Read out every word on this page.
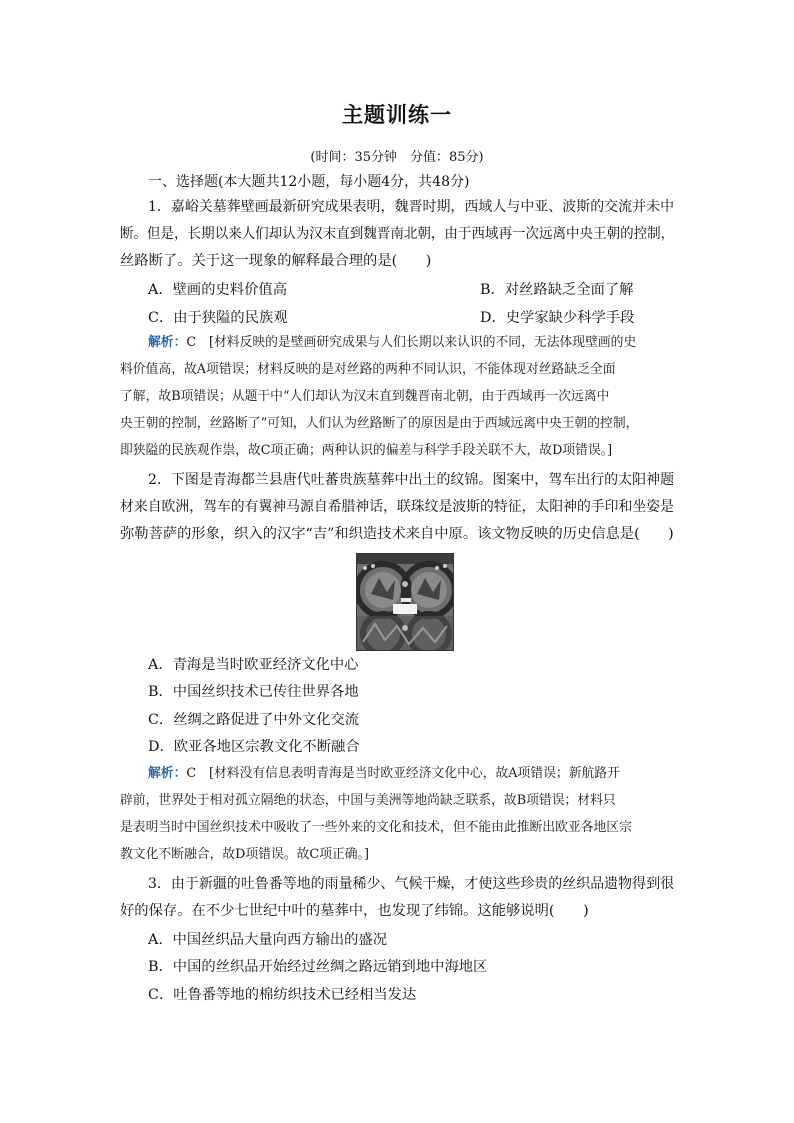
主题训练一
(时间：35分钟　分值：85分)
一、选择题(本大题共12小题，每小题4分，共48分)
1．嘉峪关墓葬壁画最新研究成果表明，魏晋时期，西域人与中亚、波斯的交流并未中
断。但是，长期以来人们却认为汉末直到魏晋南北朝，由于西域再一次远离中央王朝的控制，
丝路断了。关于这一现象的解释最合理的是(　　)
A．壁画的史料价值高	B．对丝路缺乏全面了解
C．由于狭隘的民族观	D．史学家缺少科学手段
解析：C　[材料反映的是壁画研究成果与人们长期以来认识的不同，无法体现壁画的史
料价值高，故A项错误；材料反映的是对丝路的两种不同认识，不能体现对丝路缺乏全面
了解，故B项错误；从题干中“人们却认为汉末直到魏晋南北朝，由于西域再一次远离中
央王朝的控制，丝路断了”可知，人们认为丝路断了的原因是由于西域远离中央王朝的控制，
即狭隘的民族观作祟，故C项正确；两种认识的偏差与科学手段关联不大，故D项错误。]
2．下图是青海都兰县唐代吐蕃贵族墓葬中出土的纹锦。图案中，驾车出行的太阳神题
材来自欧洲，驾车的有翼神马源自希腊神话，联珠纹是波斯的特征，太阳神的手印和坐姿是
弥勒菩萨的形象，织入的汉字“吉”和织造技术来自中原。该文物反映的历史信息是(　　)
A．青海是当时欧亚经济文化中心
B．中国丝织技术已传往世界各地
C．丝绸之路促进了中外文化交流
D．欧亚各地区宗教文化不断融合
解析：C　[材料没有信息表明青海是当时欧亚经济文化中心，故A项错误；新航路开
辟前，世界处于相对孤立隔绝的状态，中国与美洲等地尚缺乏联系，故B项错误；材料只
是表明当时中国丝织技术中吸收了一些外来的文化和技术，但不能由此推断出欧亚各地区宗
教文化不断融合，故D项错误。故C项正确。]
3．由于新疆的吐鲁番等地的雨量稀少、气候干燥，才使这些珍贵的丝织品遗物得到很
好的保存。在不少七世纪中叶的墓葬中，也发现了纬锦。这能够说明(　　)
A．中国丝织品大量向西方输出的盛况
B．中国的丝织品开始经过丝绸之路远销到地中海地区
C．吐鲁番等地的棉纺织技术已经相当发达
